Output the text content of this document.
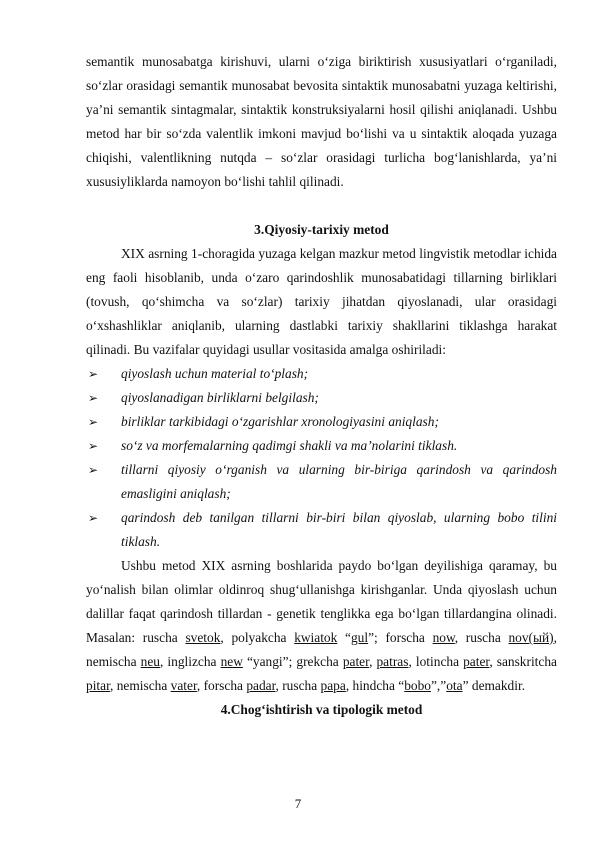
semantik munosabatga kirishuvi, ularni o‘ziga biriktirish xususiyatlari o‘rganiladi, so‘zlar orasidagi semantik munosabat bevosita sintaktik munosabatni yuzaga keltirishi, ya’ni semantik sintagmalar, sintaktik konstruksiyalarni hosil qilishi aniqlanadi. Ushbu metod har bir so‘zda valentlik imkoni mavjud bo‘lishi va u sintaktik aloqada yuzaga chiqishi, valentlikning nutqda – so‘zlar orasidagi turlicha bog‘lanishlarda, ya’ni xususiyliklarda namoyon bo‘lishi tahlil qilinadi.

3.Qiyosiy-tarixiy metod

XIX asrning 1-choragida yuzaga kelgan mazkur metod lingvistik metodlar ichida eng faoli hisoblanib, unda o‘zaro qarindoshlik munosabatidagi tillarning birliklari (tovush, qo‘shimcha va so‘zlar) tarixiy jihatdan qiyoslanadi, ular orasidagi o‘xshashliklar aniqlanib, ularning dastlabki tarixiy shakllarini tiklashga harakat qilinadi. Bu vazifalar quyidagi usullar vositasida amalga oshiriladi:

➢ qiyoslash uchun material to‘plash;
➢ qiyoslanadigan birliklarni belgilash;
➢ birliklar tarkibidagi o‘zgarishlar xronologiyasini aniqlash;
➢ so‘z va morfemalarning qadimgi shakli va ma’nolarini tiklash.
➢ tillarni qiyosiy o‘rganish va ularning bir-biriga qarindosh va qarindosh emasligini aniqlash;
➢ qarindosh deb tanilgan tillarni bir-biri bilan qiyoslab, ularning bobo tilini tiklash.

Ushbu metod XIX asrning boshlarida paydo bo‘lgan deyilishiga qaramay, bu yo‘nalish bilan olimlar oldinroq shug‘ullanishga kirishganlar. Unda qiyoslash uchun dalillar faqat qarindosh tillardan - genetik tenglikka ega bo‘lgan tillardangina olinadi. Masalan: ruscha svetok, polyakcha kwiatok “gul”; forscha now, ruscha nov(ый), nemischa neu, inglizcha new “yangi”; grekcha pater, patras, lotincha pater, sanskritcha pitar, nemischa vater, forscha padar, ruscha papa, hindcha “bobo”,”ota” demakdir.

4.Chog‘ishtirish va tipologik metod
7
